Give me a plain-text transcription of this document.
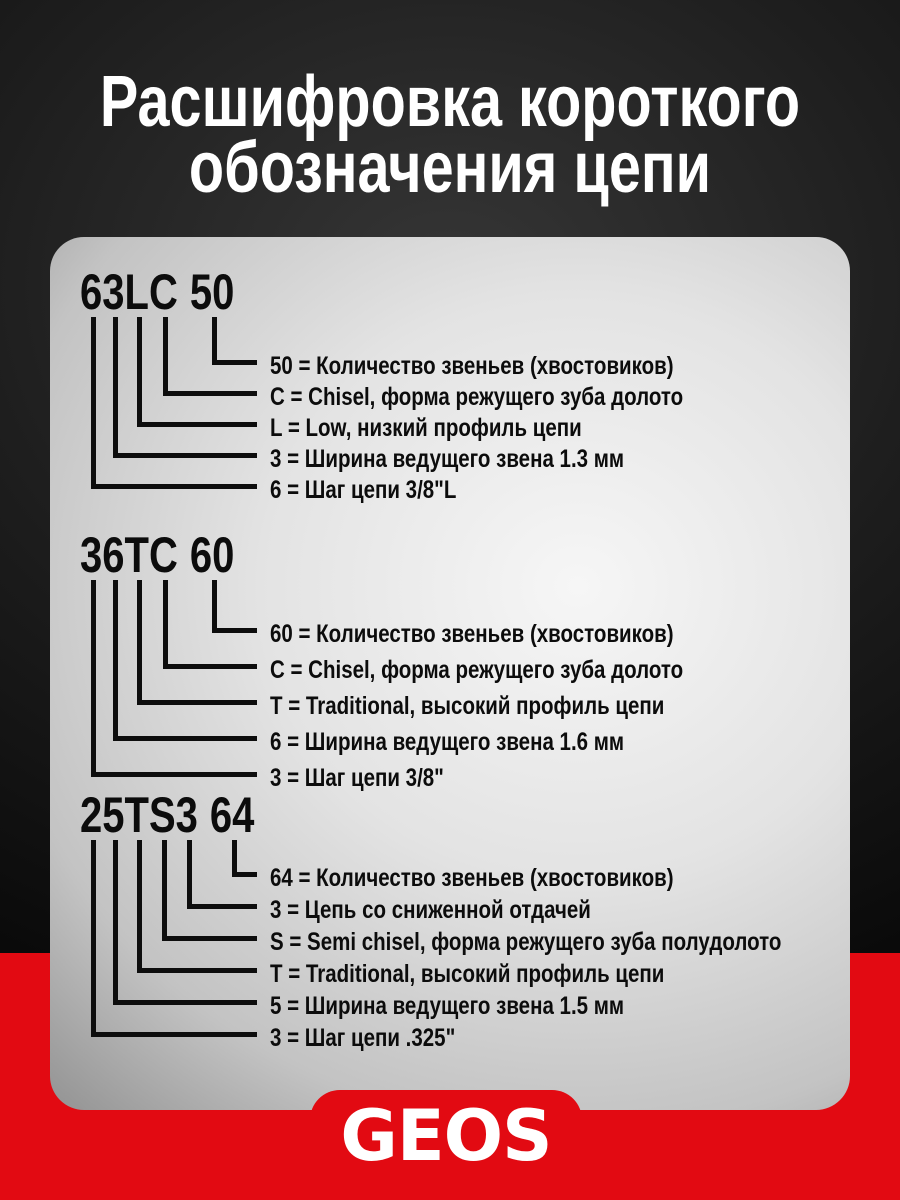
Расшифровка короткого
обозначения цепи
63LC 50
50 = Количество звеньев (хвостовиков)
C = Chisel, форма режущего зуба долото
L = Low, низкий профиль цепи
3 = Ширина ведущего звена 1.3 мм
6 = Шаг цепи 3/8"L
36TC 60
60 = Количество звеньев (хвостовиков)
C = Chisel, форма режущего зуба долото
T = Traditional, высокий профиль цепи
6 = Ширина ведущего звена 1.6 мм
3 = Шаг цепи 3/8"
25TS3 64
64 = Количество звеньев (хвостовиков)
3 = Цепь со сниженной отдачей
S = Semi chisel, форма режущего зуба полудолото
T = Traditional, высокий профиль цепи
5 = Ширина ведущего звена 1.5 мм
3 = Шаг цепи .325"
GEOS
